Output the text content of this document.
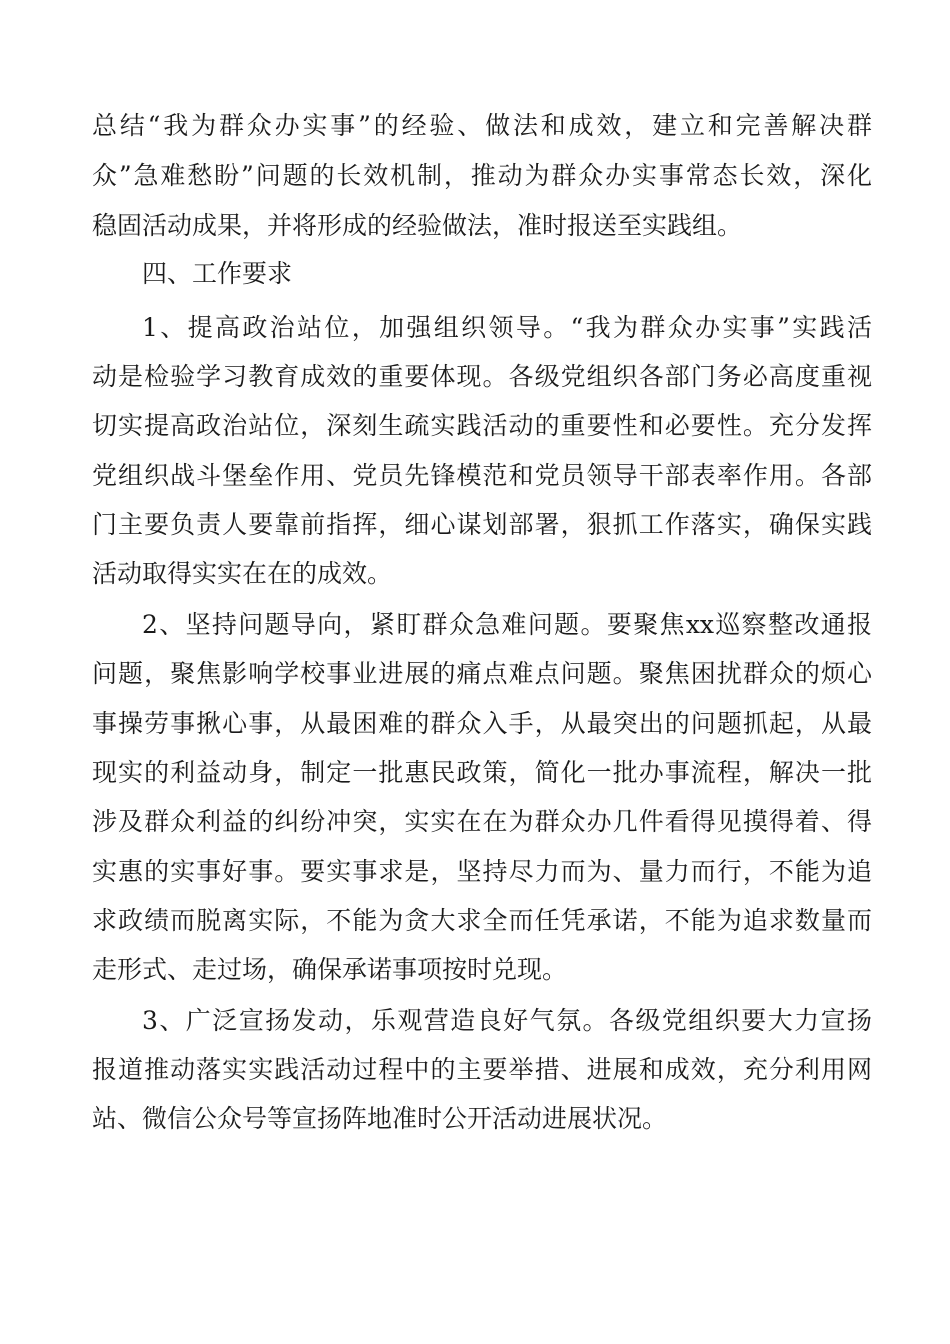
总结“我为群众办实事”的经验、做法和成效，建立和完善解决群
众”急难愁盼”问题的长效机制，推动为群众办实事常态长效，深化
稳固活动成果，并将形成的经验做法，准时报送至实践组。
四、工作要求
1、提高政治站位，加强组织领导。“我为群众办实事”实践活
动是检验学习教育成效的重要体现。各级党组织各部门务必高度重视
切实提高政治站位，深刻生疏实践活动的重要性和必要性。充分发挥
党组织战斗堡垒作用、党员先锋模范和党员领导干部表率作用。各部
门主要负责人要靠前指挥，细心谋划部署，狠抓工作落实，确保实践
活动取得实实在在的成效。
2、坚持问题导向，紧盯群众急难问题。要聚焦xx巡察整改通报
问题，聚焦影响学校事业进展的痛点难点问题。聚焦困扰群众的烦心
事操劳事揪心事，从最困难的群众入手，从最突出的问题抓起，从最
现实的利益动身，制定一批惠民政策，简化一批办事流程，解决一批
涉及群众利益的纠纷冲突，实实在在为群众办几件看得见摸得着、得
实惠的实事好事。要实事求是，坚持尽力而为、量力而行，不能为追
求政绩而脱离实际，不能为贪大求全而任凭承诺，不能为追求数量而
走形式、走过场，确保承诺事项按时兑现。
3、广泛宣扬发动，乐观营造良好气氛。各级党组织要大力宣扬
报道推动落实实践活动过程中的主要举措、进展和成效，充分利用网
站、微信公众号等宣扬阵地准时公开活动进展状况。
